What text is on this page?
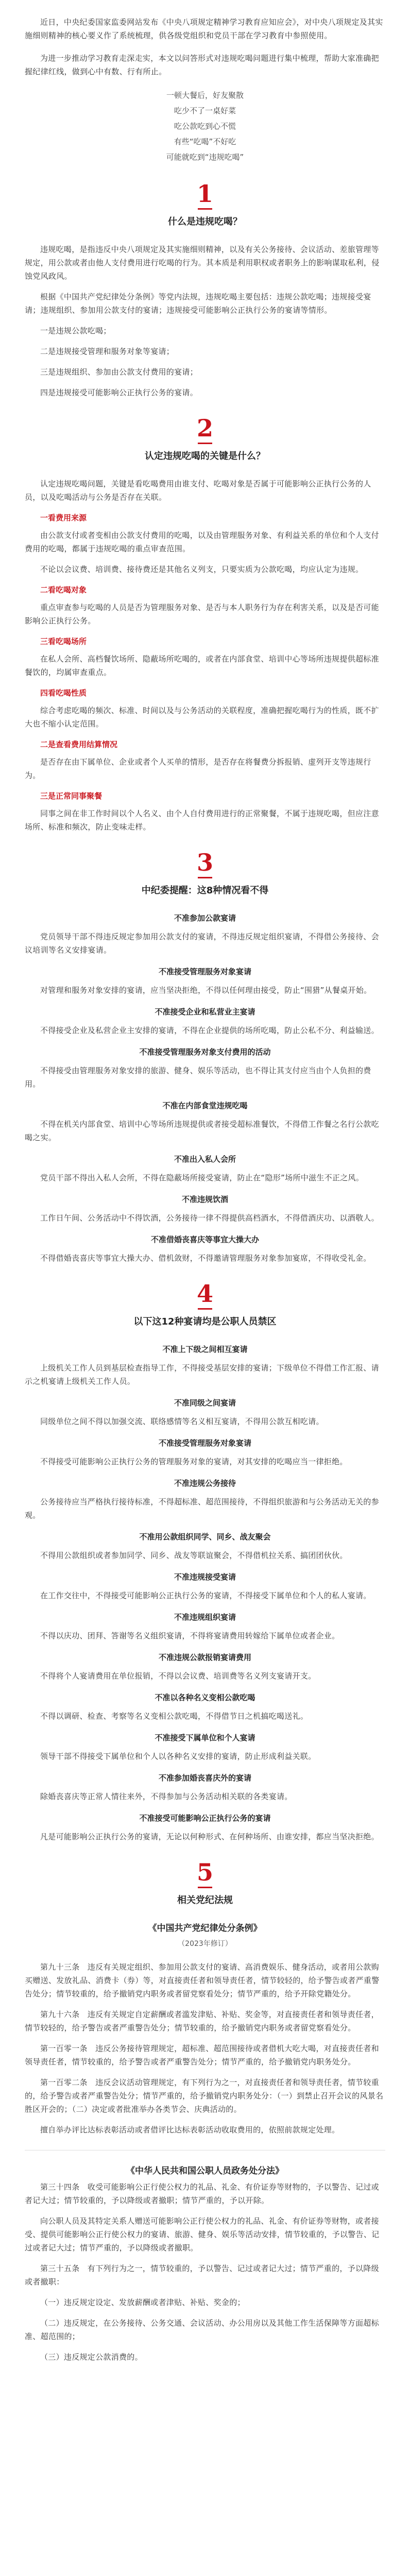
近日，中央纪委国家监委网站发布《中央八项规定精神学习教育应知应会》，对中央八项规定及其实施细则精神的核心要义作了系统梳理，供各级党组织和党员干部在学习教育中参照使用。

为进一步推动学习教育走深走实，本文以问答形式对违规吃喝问题进行集中梳理，帮助大家准确把握纪律红线，做到心中有数、行有所止。

一顿大餐后，好友聚散
吃少不了一桌好菜
吃公款吃到心不慌
有些“吃喝”不好吃
可能就吃到“违规吃喝”
1
什么是违规吃喝？

违规吃喝，是指违反中央八项规定及其实施细则精神，以及有关公务接待、会议活动、差旅管理等规定，用公款或者由他人支付费用进行吃喝的行为。其本质是利用职权或者职务上的影响谋取私利，侵蚀党风政风。

根据《中国共产党纪律处分条例》等党内法规，违规吃喝主要包括：违规公款吃喝；违规接受宴请；违规组织、参加用公款支付的宴请；违规接受可能影响公正执行公务的宴请等情形。

一是违规公款吃喝；

二是违规接受管理和服务对象等宴请；

三是违规组织、参加由公款支付费用的宴请；

四是违规接受可能影响公正执行公务的宴请。

2
认定违规吃喝的关键是什么？

认定违规吃喝问题，关键是看吃喝费用由谁支付、吃喝对象是否属于可能影响公正执行公务的人员，以及吃喝活动与公务是否存在关联。

一看费用来源

由公款支付或者变相由公款支付费用的吃喝，以及由管理服务对象、有利益关系的单位和个人支付费用的吃喝，都属于违规吃喝的重点审查范围。

不论以会议费、培训费、接待费还是其他名义列支，只要实质为公款吃喝，均应认定为违规。

二看吃喝对象

重点审查参与吃喝的人员是否为管理服务对象、是否与本人职务行为存在利害关系，以及是否可能影响公正执行公务。

三看吃喝场所

在私人会所、高档餐饮场所、隐蔽场所吃喝的，或者在内部食堂、培训中心等场所违规提供超标准餐饮的，均属审查重点。

四看吃喝性质

综合考虑吃喝的频次、标准、时间以及与公务活动的关联程度，准确把握吃喝行为的性质，既不扩大也不缩小认定范围。

二是查看费用结算情况

是否存在由下属单位、企业或者个人买单的情形，是否存在将餐费分拆报销、虚列开支等违规行为。

三是正常同事聚餐

同事之间在非工作时间以个人名义、由个人自付费用进行的正常聚餐，不属于违规吃喝，但应注意场所、标准和频次，防止变味走样。

3
中纪委提醒：这8种情况看不得
不准参加公款宴请

党员领导干部不得违反规定参加用公款支付的宴请，不得违反规定组织宴请，不得借公务接待、会议培训等名义安排宴请。

不准接受管理服务对象宴请

对管理和服务对象安排的宴请，应当坚决拒绝，不得以任何理由接受，防止“围猎”从餐桌开始。

不准接受企业和私营业主宴请

不得接受企业及私营企业主安排的宴请，不得在企业提供的场所吃喝，防止公私不分、利益输送。

不准接受管理服务对象支付费用的活动

不得接受由管理服务对象安排的旅游、健身、娱乐等活动，也不得让其支付应当由个人负担的费用。

不准在内部食堂违规吃喝

不得在机关内部食堂、培训中心等场所违规提供或者接受超标准餐饮，不得借工作餐之名行公款吃喝之实。

不准出入私人会所

党员干部不得出入私人会所，不得在隐蔽场所接受宴请，防止在“隐形”场所中滋生不正之风。

不准违规饮酒

工作日午间、公务活动中不得饮酒，公务接待一律不得提供高档酒水，不得借酒庆功、以酒敬人。

不准借婚丧喜庆等事宜大操大办

不得借婚丧喜庆等事宜大操大办、借机敛财，不得邀请管理服务对象参加宴席，不得收受礼金。

4
以下这12种宴请均是公职人员禁区
不准上下级之间相互宴请

上级机关工作人员到基层检查指导工作，不得接受基层安排的宴请；下级单位不得借工作汇报、请示之机宴请上级机关工作人员。

不准同级之间宴请

同级单位之间不得以加强交流、联络感情等名义相互宴请，不得用公款互相吃请。

不准接受管理服务对象宴请

不得接受可能影响公正执行公务的管理服务对象的宴请，对其安排的吃喝应当一律拒绝。

不准违规公务接待

公务接待应当严格执行接待标准，不得超标准、超范围接待，不得组织旅游和与公务活动无关的参观。

不准用公款组织同学、同乡、战友聚会

不得用公款组织或者参加同学、同乡、战友等联谊聚会，不得借机拉关系、搞团团伙伙。

不准违规接受宴请

在工作交往中，不得接受可能影响公正执行公务的宴请，不得接受下属单位和个人的私人宴请。

不准违规组织宴请

不得以庆功、团拜、答谢等名义组织宴请，不得将宴请费用转嫁给下属单位或者企业。

不准违规公款报销宴请费用

不得将个人宴请费用在单位报销，不得以会议费、培训费等名义列支宴请开支。

不准以各种名义变相公款吃喝

不得以调研、检查、考察等名义变相公款吃喝，不得借节日之机搞吃喝送礼。

不准接受下属单位和个人宴请

领导干部不得接受下属单位和个人以各种名义安排的宴请，防止形成利益关联。

不准参加婚丧喜庆外的宴请

除婚丧喜庆等正常人情往来外，不得参加与公务活动相关联的各类宴请。

不准接受可能影响公正执行公务的宴请

凡是可能影响公正执行公务的宴请，无论以何种形式、在何种场所、由谁安排，都应当坚决拒绝。

5
相关党纪法规
《中国共产党纪律处分条例》
（2023年修订）

第九十三条　违反有关规定组织、参加用公款支付的宴请、高消费娱乐、健身活动，或者用公款购买赠送、发放礼品、消费卡（券）等，对直接责任者和领导责任者，情节较轻的，给予警告或者严重警告处分；情节较重的，给予撤销党内职务或者留党察看处分；情节严重的，给予开除党籍处分。

第九十六条　违反有关规定自定薪酬或者滥发津贴、补贴、奖金等，对直接责任者和领导责任者，情节较轻的，给予警告或者严重警告处分；情节较重的，给予撤销党内职务或者留党察看处分。

第一百零一条　违反公务接待管理规定，超标准、超范围接待或者借机大吃大喝，对直接责任者和领导责任者，情节较重的，给予警告或者严重警告处分；情节严重的，给予撤销党内职务处分。

第一百零二条　违反会议活动管理规定，有下列行为之一，对直接责任者和领导责任者，情节较重的，给予警告或者严重警告处分；情节严重的，给予撤销党内职务处分：（一）到禁止召开会议的风景名胜区开会的；（二）决定或者批准举办各类节会、庆典活动的。

擅自举办评比达标表彰活动或者借评比达标表彰活动收取费用的，依照前款规定处理。

《中华人民共和国公职人员政务处分法》

第三十四条　收受可能影响公正行使公权力的礼品、礼金、有价证券等财物的，予以警告、记过或者记大过；情节较重的，予以降级或者撤职；情节严重的，予以开除。

向公职人员及其特定关系人赠送可能影响公正行使公权力的礼品、礼金、有价证券等财物，或者接受、提供可能影响公正行使公权力的宴请、旅游、健身、娱乐等活动安排，情节较重的，予以警告、记过或者记大过；情节严重的，予以降级或者撤职。

第三十五条　有下列行为之一，情节较重的，予以警告、记过或者记大过；情节严重的，予以降级或者撤职：

（一）违反规定设定、发放薪酬或者津贴、补贴、奖金的；

（二）违反规定，在公务接待、公务交通、会议活动、办公用房以及其他工作生活保障等方面超标准、超范围的；

（三）违反规定公款消费的。
